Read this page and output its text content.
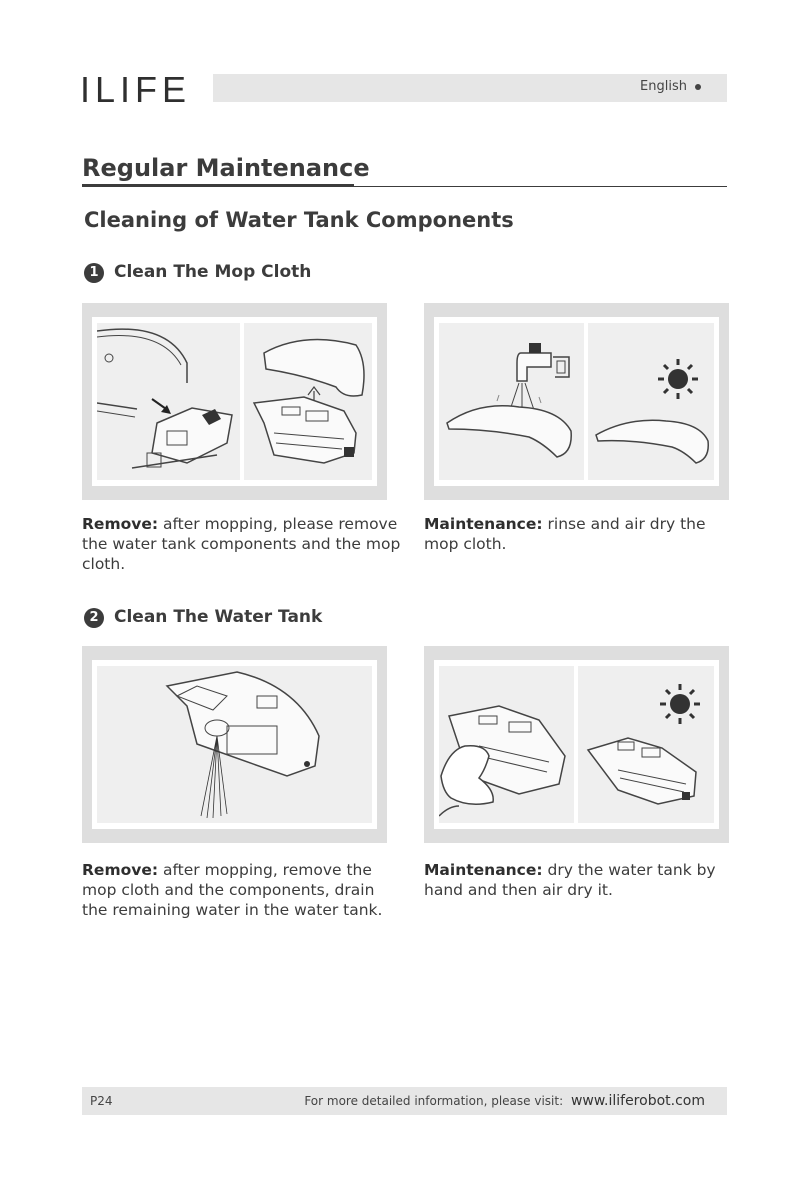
ILIFE	English
Regular Maintenance
Cleaning of Water Tank Components
1 Clean The Mop Cloth
Remove: after mopping, please remove the water tank components and the mop cloth.
Maintenance: rinse and air dry the mop cloth.
2 Clean The Water Tank
Remove: after mopping, remove the mop cloth and the components, drain the remaining water in the water tank.
Maintenance: dry the water tank by hand and then air dry it.
P24	For more detailed information, please visit: www.iliferobot.com
